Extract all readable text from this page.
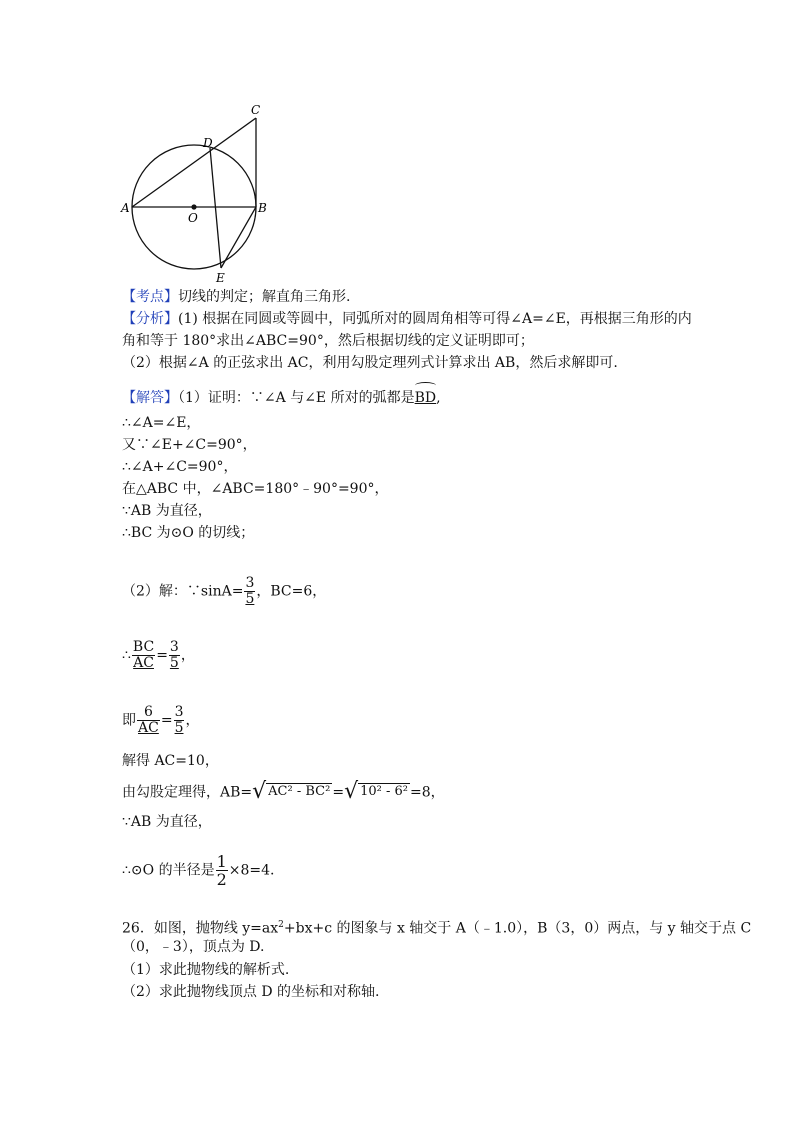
C
D
A
O
B
E
【考点】切线的判定；解直角三角形.
【分析】(1) 根据在同圆或等圆中，同弧所对的圆周角相等可得∠A=∠E，再根据三角形的内
角和等于 180°求出∠ABC=90°，然后根据切线的定义证明即可；
（2）根据∠A 的正弦求出 AC，利用勾股定理列式计算求出 AB，然后求解即可.
【解答】（1）证明：∵∠A 与∠E 所对的弧都是
BD,
∴∠A=∠E，
又∵∠E+∠C=90°，
∴∠A+∠C=90°，
在△ABC 中，∠ABC=180°﹣90°=90°，
∵AB 为直径，
∴BC 为⊙O 的切线；
（2）解：∵sinA= $\frac{3}{5}$ ，BC=6，
∴ $\frac{BC}{AC} = \frac{3}{5}$ ，
即 $\frac{6}{AC} = \frac{3}{5}$ ，
解得 AC=10，
由勾股定理得，AB=√ AC² - BC² =√ 10² - 6² =8，
∵AB 为直径，
∴⊙O 的半径是 $\frac{1}{2} \times 8=4$.
26．如图，抛物线 $y=ax^2+bx+c$ 的图象与 x 轴交于 A（﹣1.0），B（3，0）两点，与 y 轴交于点 C
（0，﹣3），顶点为 D.
（1）求此抛物线的解析式.
（2）求此抛物线顶点 D 的坐标和对称轴.
